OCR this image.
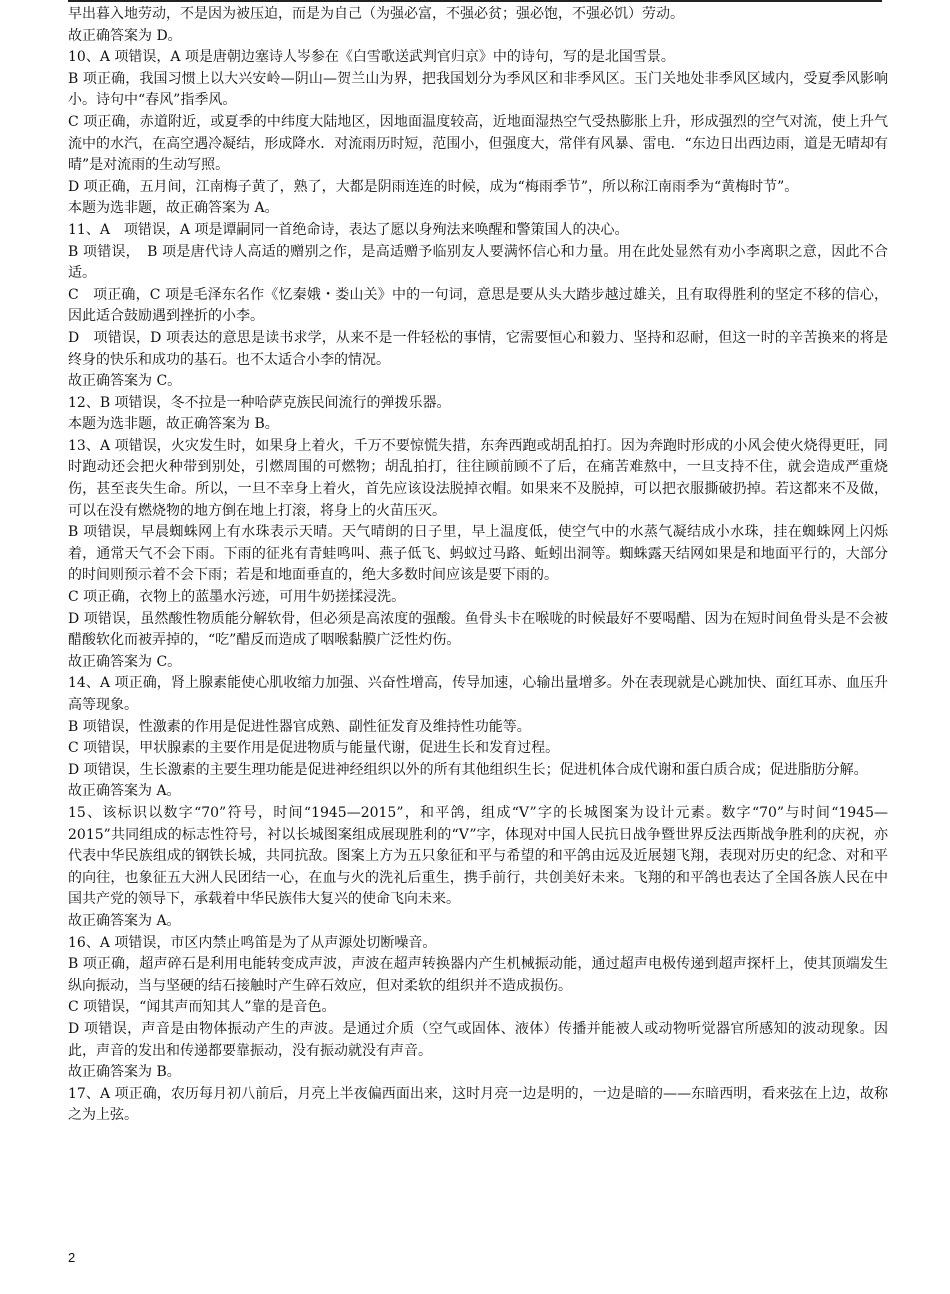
早出暮入地劳动，不是因为被压迫，而是为自己（为强必富，不强必贫；强必饱，不强必饥）劳动。

故正确答案为 D。

10、A 项错误，A 项是唐朝边塞诗人岑参在《白雪歌送武判官归京》中的诗句，写的是北国雪景。

B 项正确，我国习惯上以大兴安岭—阴山—贺兰山为界，把我国划分为季风区和非季风区。玉门关地处非季风区域内，受夏季风影响小。诗句中“春风”指季风。

C 项正确，赤道附近，或夏季的中纬度大陆地区，因地面温度较高，近地面湿热空气受热膨胀上升，形成强烈的空气对流，使上升气流中的水汽，在高空遇冷凝结，形成降水．对流雨历时短，范围小，但强度大，常伴有风暴、雷电．“东边日出西边雨，道是无晴却有晴”是对流雨的生动写照。

D 项正确，五月间，江南梅子黄了，熟了，大都是阴雨连连的时候，成为“梅雨季节”，所以称江南雨季为“黄梅时节”。

本题为选非题，故正确答案为 A。

11、A　项错误，A 项是谭嗣同一首绝命诗，表达了愿以身殉法来唤醒和警策国人的决心。

B 项错误，　B 项是唐代诗人高适的赠别之作，是高适赠予临别友人要满怀信心和力量。用在此处显然有劝小李离职之意，因此不合适。

C　项正确，C 项是毛泽东名作《忆秦娥・娄山关》中的一句词，意思是要从头大踏步越过雄关，且有取得胜利的坚定不移的信心，因此适合鼓励遇到挫折的小李。

D　项错误，D 项表达的意思是读书求学，从来不是一件轻松的事情，它需要恒心和毅力、坚持和忍耐，但这一时的辛苦换来的将是终身的快乐和成功的基石。也不太适合小李的情况。

故正确答案为 C。

12、B 项错误，冬不拉是一种哈萨克族民间流行的弹拨乐器。

本题为选非题，故正确答案为 B。

13、A 项错误，火灾发生时，如果身上着火，千万不要惊慌失措，东奔西跑或胡乱拍打。因为奔跑时形成的小风会使火烧得更旺，同时跑动还会把火种带到别处，引燃周围的可燃物；胡乱拍打，往往顾前顾不了后，在痛苦难熬中，一旦支持不住，就会造成严重烧伤，甚至丧失生命。所以，一旦不幸身上着火，首先应该设法脱掉衣帽。如果来不及脱掉，可以把衣服撕破扔掉。若这都来不及做，可以在没有燃烧物的地方倒在地上打滚，将身上的火苗压灭。

B 项错误，早晨蜘蛛网上有水珠表示天晴。天气晴朗的日子里，早上温度低，使空气中的水蒸气凝结成小水珠，挂在蜘蛛网上闪烁着，通常天气不会下雨。下雨的征兆有青蛙鸣叫、燕子低飞、蚂蚁过马路、蚯蚓出洞等。蜘蛛露天结网如果是和地面平行的，大部分的时间则预示着不会下雨；若是和地面垂直的，绝大多数时间应该是要下雨的。

C 项正确，衣物上的蓝墨水污迹，可用牛奶搓揉浸洗。

D 项错误，虽然酸性物质能分解软骨，但必须是高浓度的强酸。鱼骨头卡在喉咙的时候最好不要喝醋、因为在短时间鱼骨头是不会被醋酸软化而被弄掉的，“吃”醋反而造成了咽喉黏膜广泛性灼伤。

故正确答案为 C。

14、A 项正确，肾上腺素能使心肌收缩力加强、兴奋性增高，传导加速，心输出量增多。外在表现就是心跳加快、面红耳赤、血压升高等现象。

B 项错误，性激素的作用是促进性器官成熟、副性征发育及维持性功能等。

C 项错误，甲状腺素的主要作用是促进物质与能量代谢，促进生长和发育过程。

D 项错误，生长激素的主要生理功能是促进神经组织以外的所有其他组织生长；促进机体合成代谢和蛋白质合成；促进脂肪分解。

故正确答案为 A。

15、该标识以数字“70”符号，时间“1945—2015”，和平鸽，组成“V”字的长城图案为设计元素。数字“70”与时间“1945—2015”共同组成的标志性符号，衬以长城图案组成展现胜利的“V”字，体现对中国人民抗日战争暨世界反法西斯战争胜利的庆祝，亦代表中华民族组成的钢铁长城，共同抗敌。图案上方为五只象征和平与希望的和平鸽由远及近展翅飞翔，表现对历史的纪念、对和平的向往，也象征五大洲人民团结一心，在血与火的洗礼后重生，携手前行，共创美好未来。飞翔的和平鸽也表达了全国各族人民在中国共产党的领导下，承载着中华民族伟大复兴的使命飞向未来。

故正确答案为 A。

16、A 项错误，市区内禁止鸣笛是为了从声源处切断噪音。

B 项正确，超声碎石是利用电能转变成声波，声波在超声转换器内产生机械振动能，通过超声电极传递到超声探杆上，使其顶端发生纵向振动，当与坚硬的结石接触时产生碎石效应，但对柔软的组织并不造成损伤。

C 项错误，“闻其声而知其人”靠的是音色。

D 项错误，声音是由物体振动产生的声波。是通过介质（空气或固体、液体）传播并能被人或动物听觉器官所感知的波动现象。因此，声音的发出和传递都要靠振动，没有振动就没有声音。

故正确答案为 B。

17、A 项正确，农历每月初八前后，月亮上半夜偏西面出来，这时月亮一边是明的，一边是暗的——东暗西明，看来弦在上边，故称之为上弦。

2
